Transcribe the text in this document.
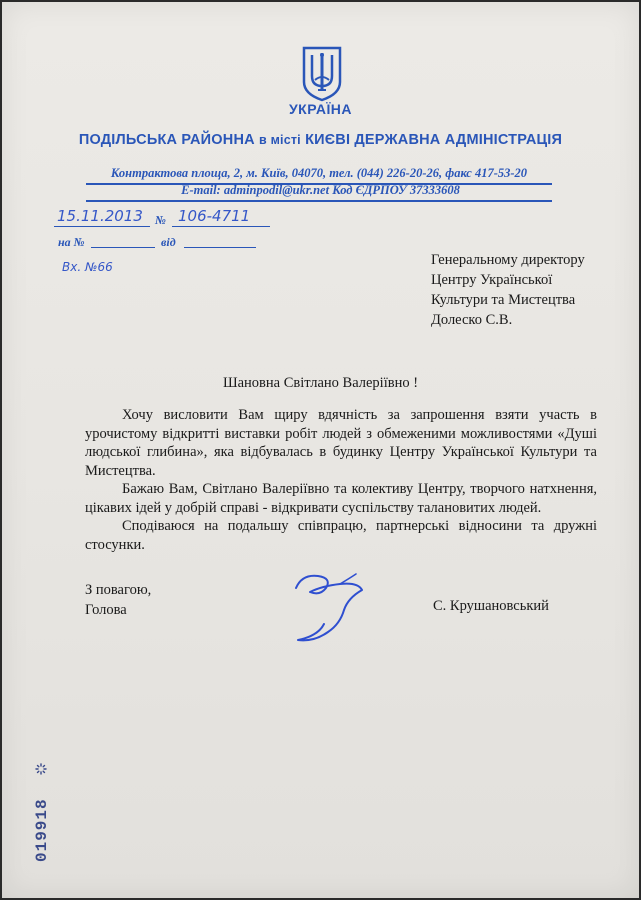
УКРАЇНА
ПОДІЛЬСЬКА РАЙОННА в місті КИЄВІ ДЕРЖАВНА АДМІНІСТРАЦІЯ
Контрактова площа, 2, м. Київ, 04070, тел. (044) 226-20-26, факс 417-53-20
E-mail: adminpodil@ukr.net Код ЄДРПОУ 37333608
15.11.2013 № 106-4711
на №	від
Вх. №66	Генеральному директору
Центру Української
Культури та Мистецтва
Долеско С.В.
Шановна Світлано Валеріївно !

Хочу висловити Вам щиру вдячність за запрошення взяти участь в урочистому відкритті виставки робіт людей з обмеженими можливостями «Душі людської глибина», яка відбувалась в будинку Центру Української Культури та Мистецтва.

Бажаю Вам, Світлано Валеріївно та колективу Центру, творчого натхнення, цікавих ідей у добрій справі - відкривати суспільству талановитих людей.

Сподіваюся на подальшу співпрацю, партнерські відносини та дружні стосунки.

З повагою,
Голова	С. Крушановський
019918
